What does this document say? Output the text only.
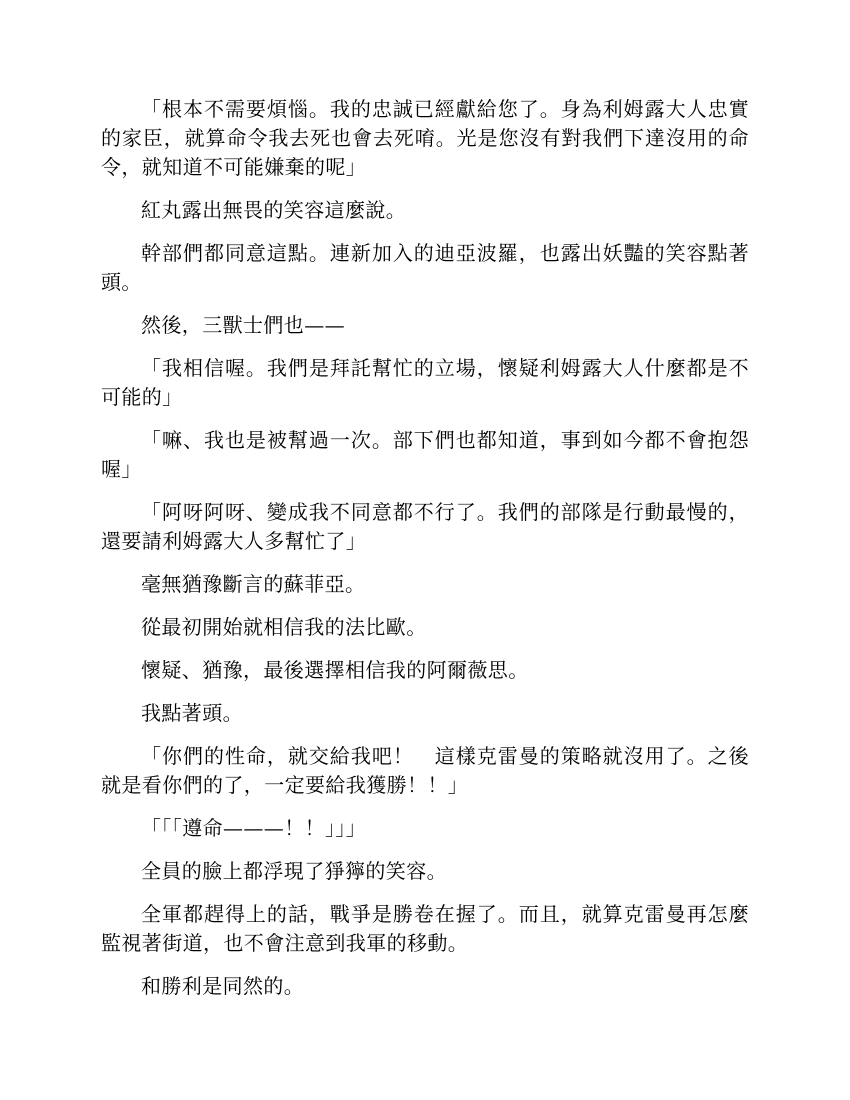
「根本不需要煩惱。我的忠誠已經獻給您了。身為利姆露大人忠實的家臣，就算命令我去死也會去死唷。光是您沒有對我們下達沒用的命令，就知道不可能嫌棄的呢」

紅丸露出無畏的笑容這麼說。

幹部們都同意這點。連新加入的迪亞波羅，也露出妖豔的笑容點著頭。

然後，三獸士們也——

「我相信喔。我們是拜託幫忙的立場，懷疑利姆露大人什麼都是不可能的」

「嘛、我也是被幫過一次。部下們也都知道，事到如今都不會抱怨喔」

「阿呀阿呀、變成我不同意都不行了。我們的部隊是行動最慢的，還要請利姆露大人多幫忙了」

毫無猶豫斷言的蘇菲亞。

從最初開始就相信我的法比歐。

懷疑、猶豫，最後選擇相信我的阿爾薇思。

我點著頭。

「你們的性命，就交給我吧！　這樣克雷曼的策略就沒用了。之後就是看你們的了，一定要給我獲勝！！」

「「「遵命———！！」」」

全員的臉上都浮現了猙獰的笑容。

全軍都趕得上的話，戰爭是勝卷在握了。而且，就算克雷曼再怎麼監視著街道，也不會注意到我軍的移動。

和勝利是同然的。
